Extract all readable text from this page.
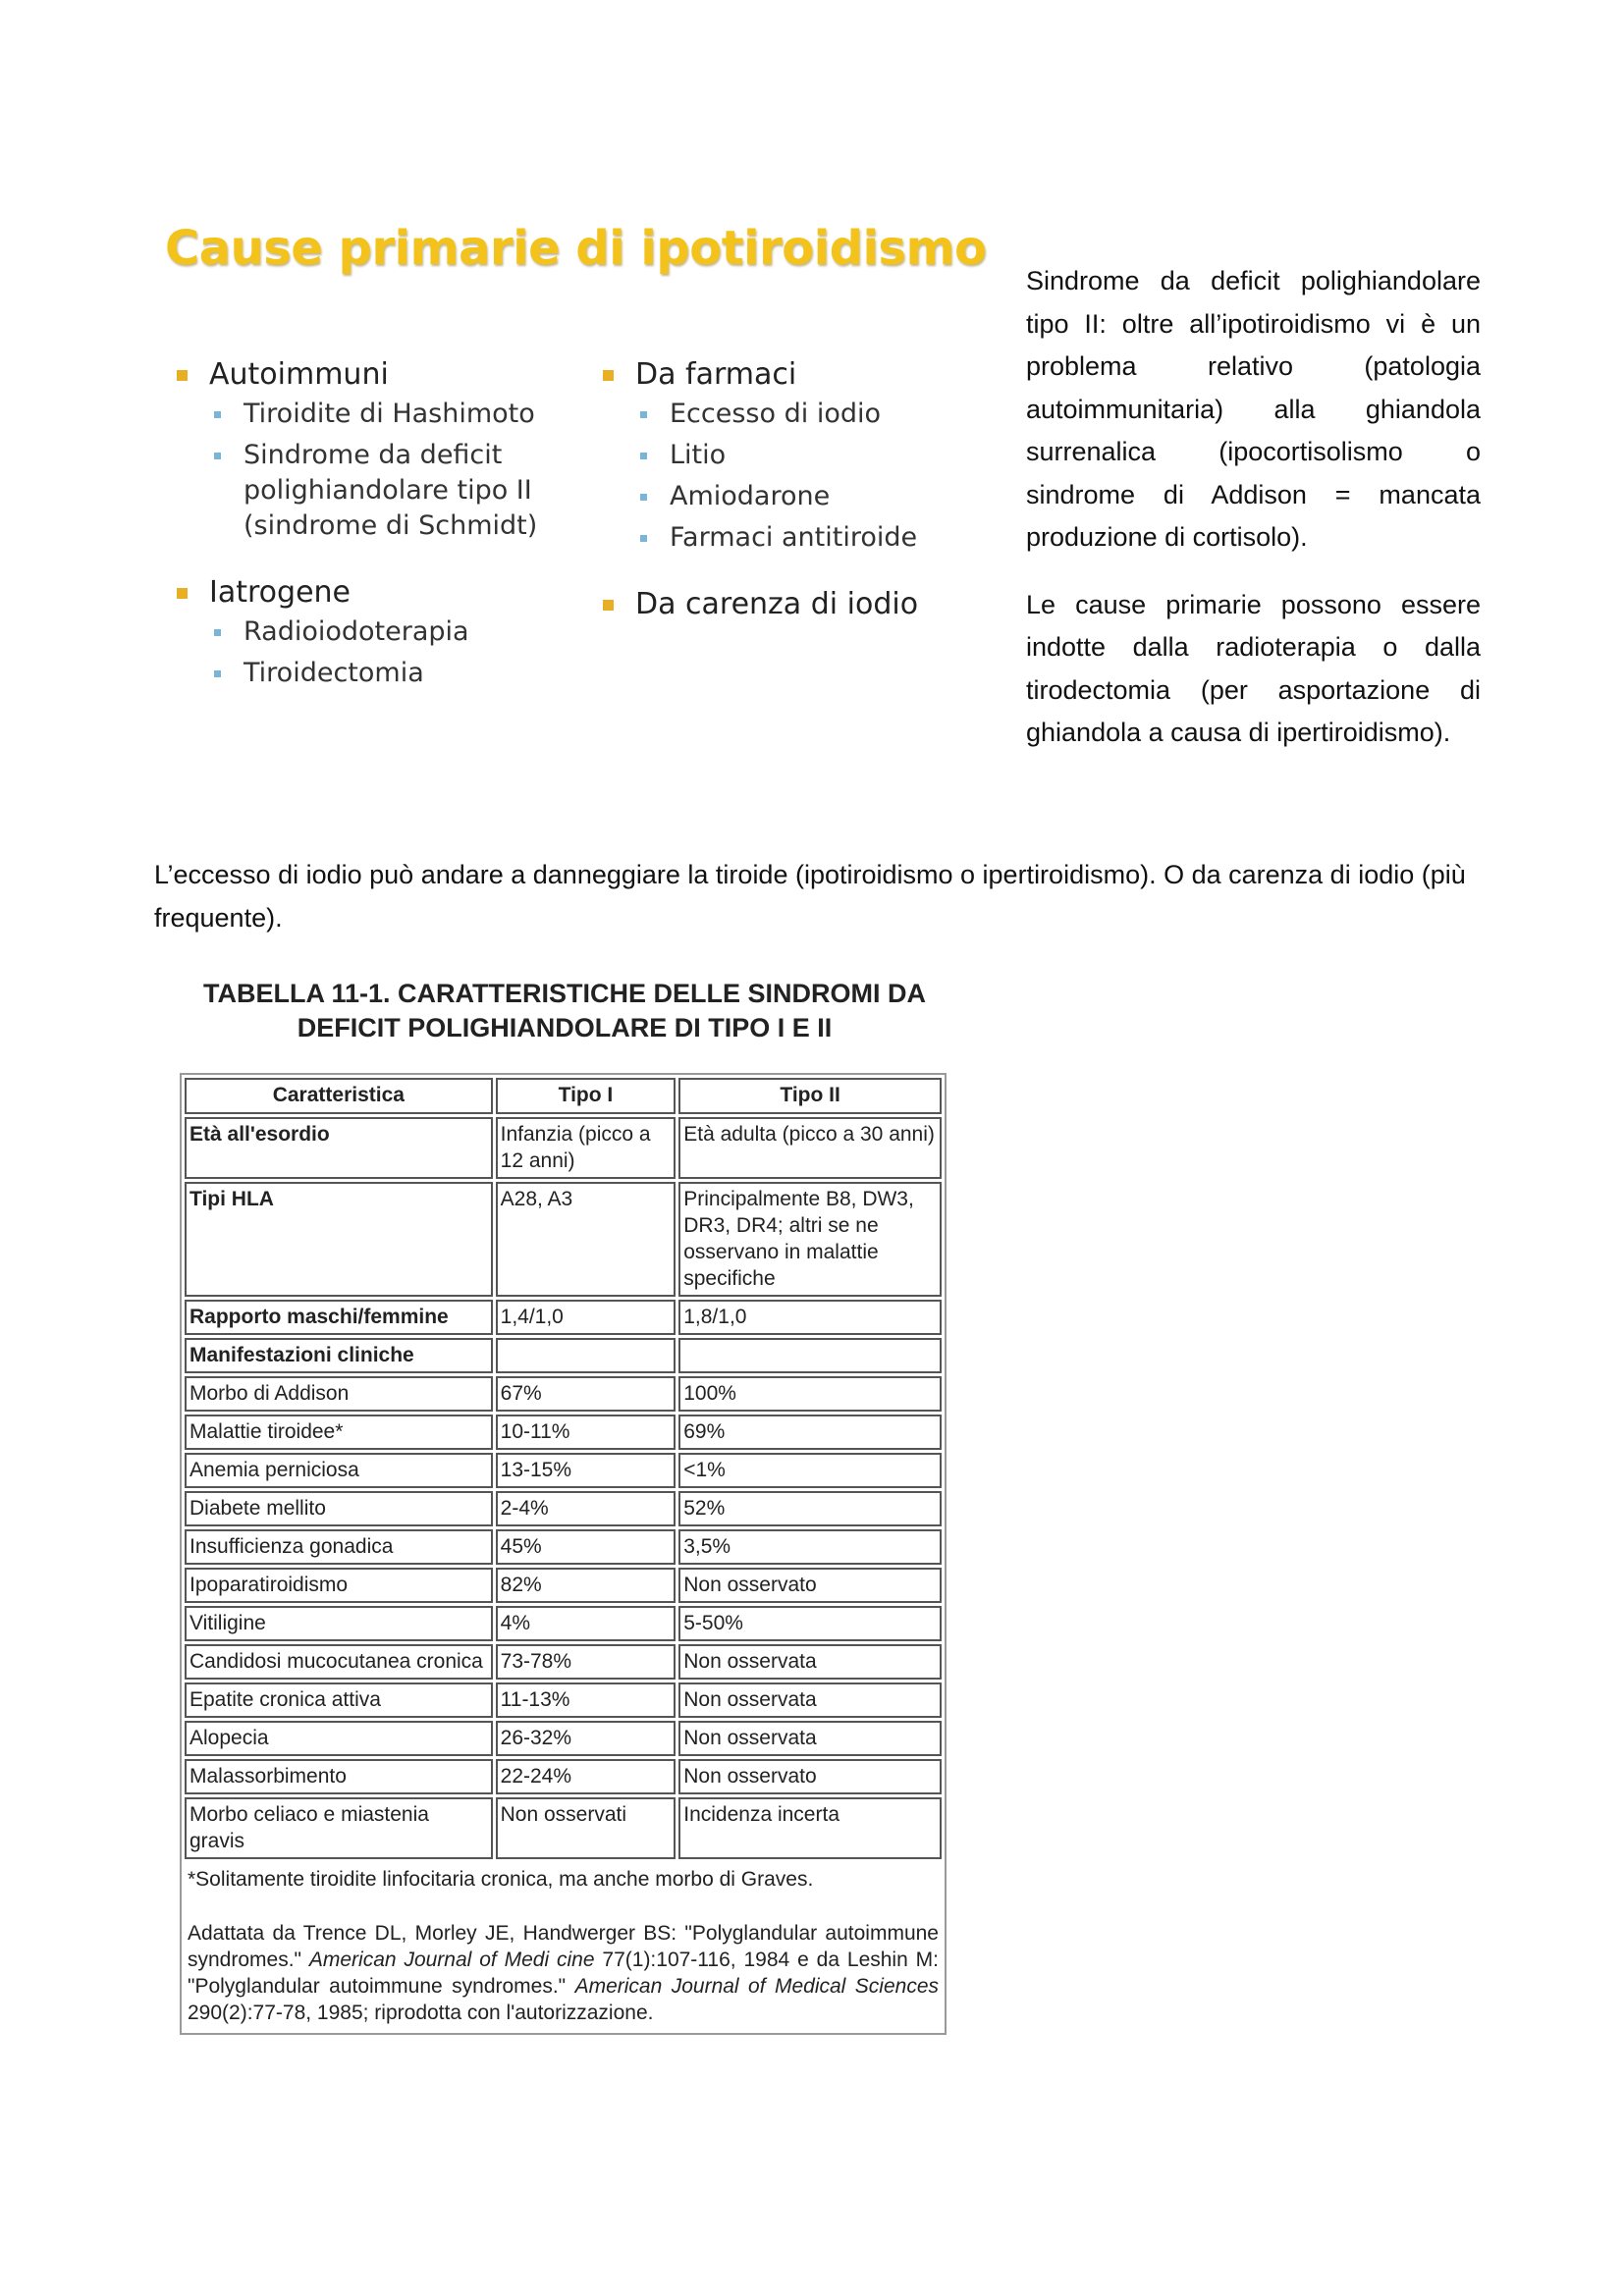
Cause primarie di ipotiroidismo
Autoimmuni
Tiroidite di Hashimoto
Sindrome da deficit polighiandolare tipo II (sindrome di Schmidt)
Iatrogene
Radioiodoterapia
Tiroidectomia
Da farmaci
Eccesso di iodio
Litio
Amiodarone
Farmaci antitiroide
Da carenza di iodio

Sindrome da deficit polighiandolare tipo II: oltre all’ipotiroidismo vi è un problema relativo (patologia autoimmunitaria) alla ghiandola surrenalica (ipocortisolismo o sindrome di Addison = mancata produzione di cortisolo).

Le cause primarie possono essere indotte dalla radioterapia o dalla tirodectomia (per asportazione di ghiandola a causa di ipertiroidismo).

L’eccesso di iodio può andare a danneggiare la tiroide (ipotiroidismo o ipertiroidismo). O da carenza di iodio (più frequente).

TABELLA 11-1. CARATTERISTICHE DELLE SINDROMI DA
DEFICIT POLIGHIANDOLARE DI TIPO I E II
Caratteristica	Tipo I	Tipo II
Età all'esordio	Infanzia (picco a 12 anni)	Età adulta (picco a 30 anni)
Tipi HLA	A28, A3	Principalmente B8, DW3, DR3, DR4; altri se ne osservano in malattie specifiche
Rapporto maschi/femmine	1,4/1,0	1,8/1,0
Manifestazioni cliniche		
Morbo di Addison	67%	100%
Malattie tiroidee*	10-11%	69%
Anemia perniciosa	13-15%	<1%
Diabete mellito	2-4%	52%
Insufficienza gonadica	45%	3,5%
Ipoparatiroidismo	82%	Non osservato
Vitiligine	4%	5-50%
Candidosi mucocutanea cronica	73-78%	Non osservata
Epatite cronica attiva	11-13%	Non osservata
Alopecia	26-32%	Non osservata
Malassorbimento	22-24%	Non osservato
Morbo celiaco e miastenia gravis	Non osservati	Incidenza incerta

*Solitamente tiroidite linfocitaria cronica, ma anche morbo di Graves.

Adattata da Trence DL, Morley JE, Handwerger BS: "Polyglandular autoimmune syndromes." American Journal of Medi cine 77(1):107-116, 1984 e da Leshin M: "Polyglandular autoimmune syndromes." American Journal of Medical Sciences 290(2):77-78, 1985; riprodotta con l'autorizzazione.		
